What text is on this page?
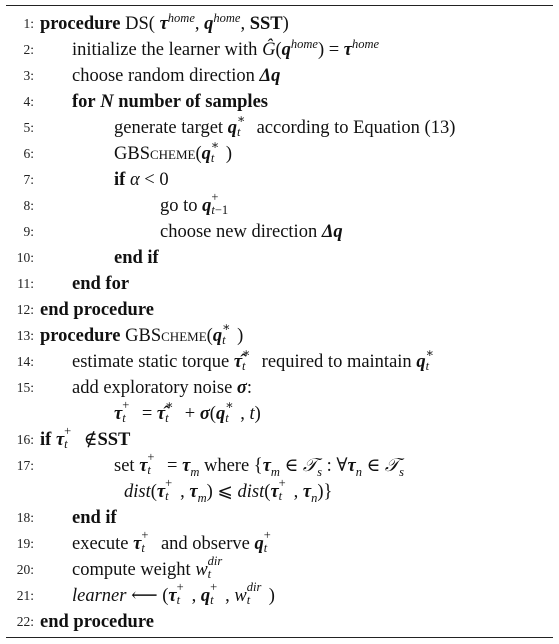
1: procedure DS( $\tau^{home}$, $q^{home}$, SST)
2: initialize the learner with $Ĝ(q^{home}) = \tau^{home}$
3: choose random direction Δq
4: for N number of samples
5:	generate target q ∗
t according to Equation (13)
6:	GBScheme(q ∗
t )
7:	if α < 0
8:	go to q +
t−1
9:	choose new direction Δq
10:	end if
11: end for
12: end procedure
13: procedure GBScheme(q ∗
t )
14: estimate static torque τ̂ ∗
t required to maintain q ∗
t
15: add exploratory noise σ:
τ +
t = τ̂ ∗
t + σ(q ∗
t , t)
16: if τ +
t ∉SST
17:	set τ +
$t = \tau_m$ where {$\tau_m$ ∈ 𝒯$_s$ : $\forall\tau_n$ ∈ 𝒯$_s$
dist(τ +
t , $\tau_m$) ⩽ dist(τ +
t , $\tau_n$)}
18: end if
19: execute τ +
t and observe q +
t
20: compute weight w dir
t
21: learner ⟵ (τ +
t , q +
t , w dir
t )
22: end procedure
